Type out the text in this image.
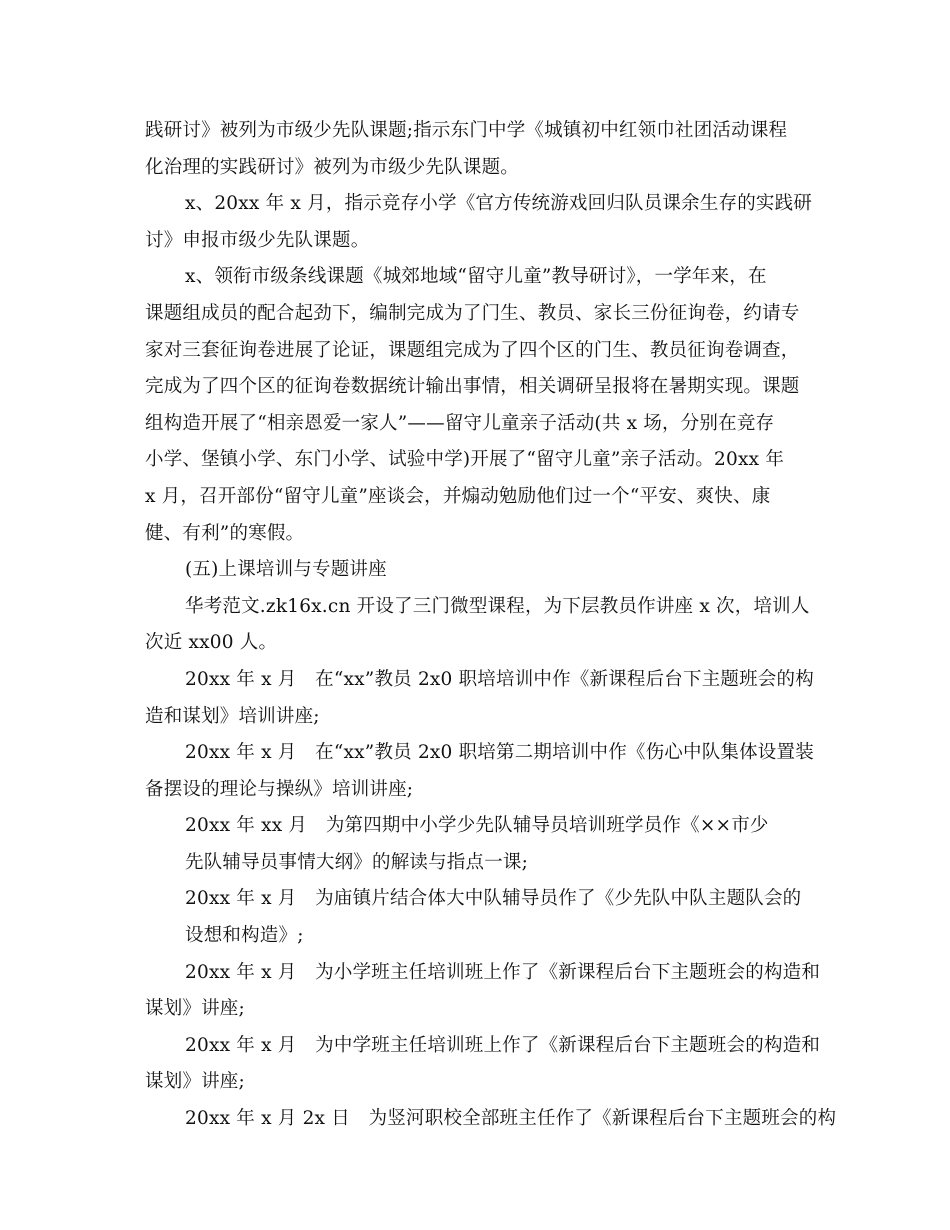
践研讨》被列为市级少先队课题;指示东门中学《城镇初中红领巾社团活动课程
化治理的实践研讨》被列为市级少先队课题。
x、20xx 年 x 月，指示竞存小学《官方传统游戏回归队员课余生存的实践研
讨》申报市级少先队课题。
x、领衔市级条线课题《城郊地域“留守儿童”教导研讨》，一学年来，在
课题组成员的配合起劲下，编制完成为了门生、教员、家长三份征询卷，约请专
家对三套征询卷进展了论证，课题组完成为了四个区的门生、教员征询卷调查，
完成为了四个区的征询卷数据统计输出事情，相关调研呈报将在暑期实现。课题
组构造开展了“相亲恩爱一家人”——留守儿童亲子活动(共 x 场，分别在竞存
小学、堡镇小学、东门小学、试验中学)开展了“留守儿童”亲子活动。20xx 年
x 月，召开部份“留守儿童”座谈会，并煽动勉励他们过一个“平安、爽快、康
健、有利”的寒假。
(五)上课培训与专题讲座
华考范文.zk16x.cn 开设了三门微型课程，为下层教员作讲座 x 次，培训人
次近 xx00 人。
20xx 年 x 月　在“xx”教员 2x0 职培培训中作《新课程后台下主题班会的构
造和谋划》培训讲座;
20xx 年 x 月　在“xx”教员 2x0 职培第二期培训中作《伤心中队集体设置装
备摆设的理论与操纵》培训讲座;
20xx 年 xx 月　为第四期中小学少先队辅导员培训班学员作《××市少
先队辅导员事情大纲》的解读与指点一课;
20xx 年 x 月　为庙镇片结合体大中队辅导员作了《少先队中队主题队会的
设想和构造》;
20xx 年 x 月　为小学班主任培训班上作了《新课程后台下主题班会的构造和
谋划》讲座;
20xx 年 x 月　为中学班主任培训班上作了《新课程后台下主题班会的构造和
谋划》讲座;
20xx 年 x 月 2x 日　为竖河职校全部班主任作了《新课程后台下主题班会的构
